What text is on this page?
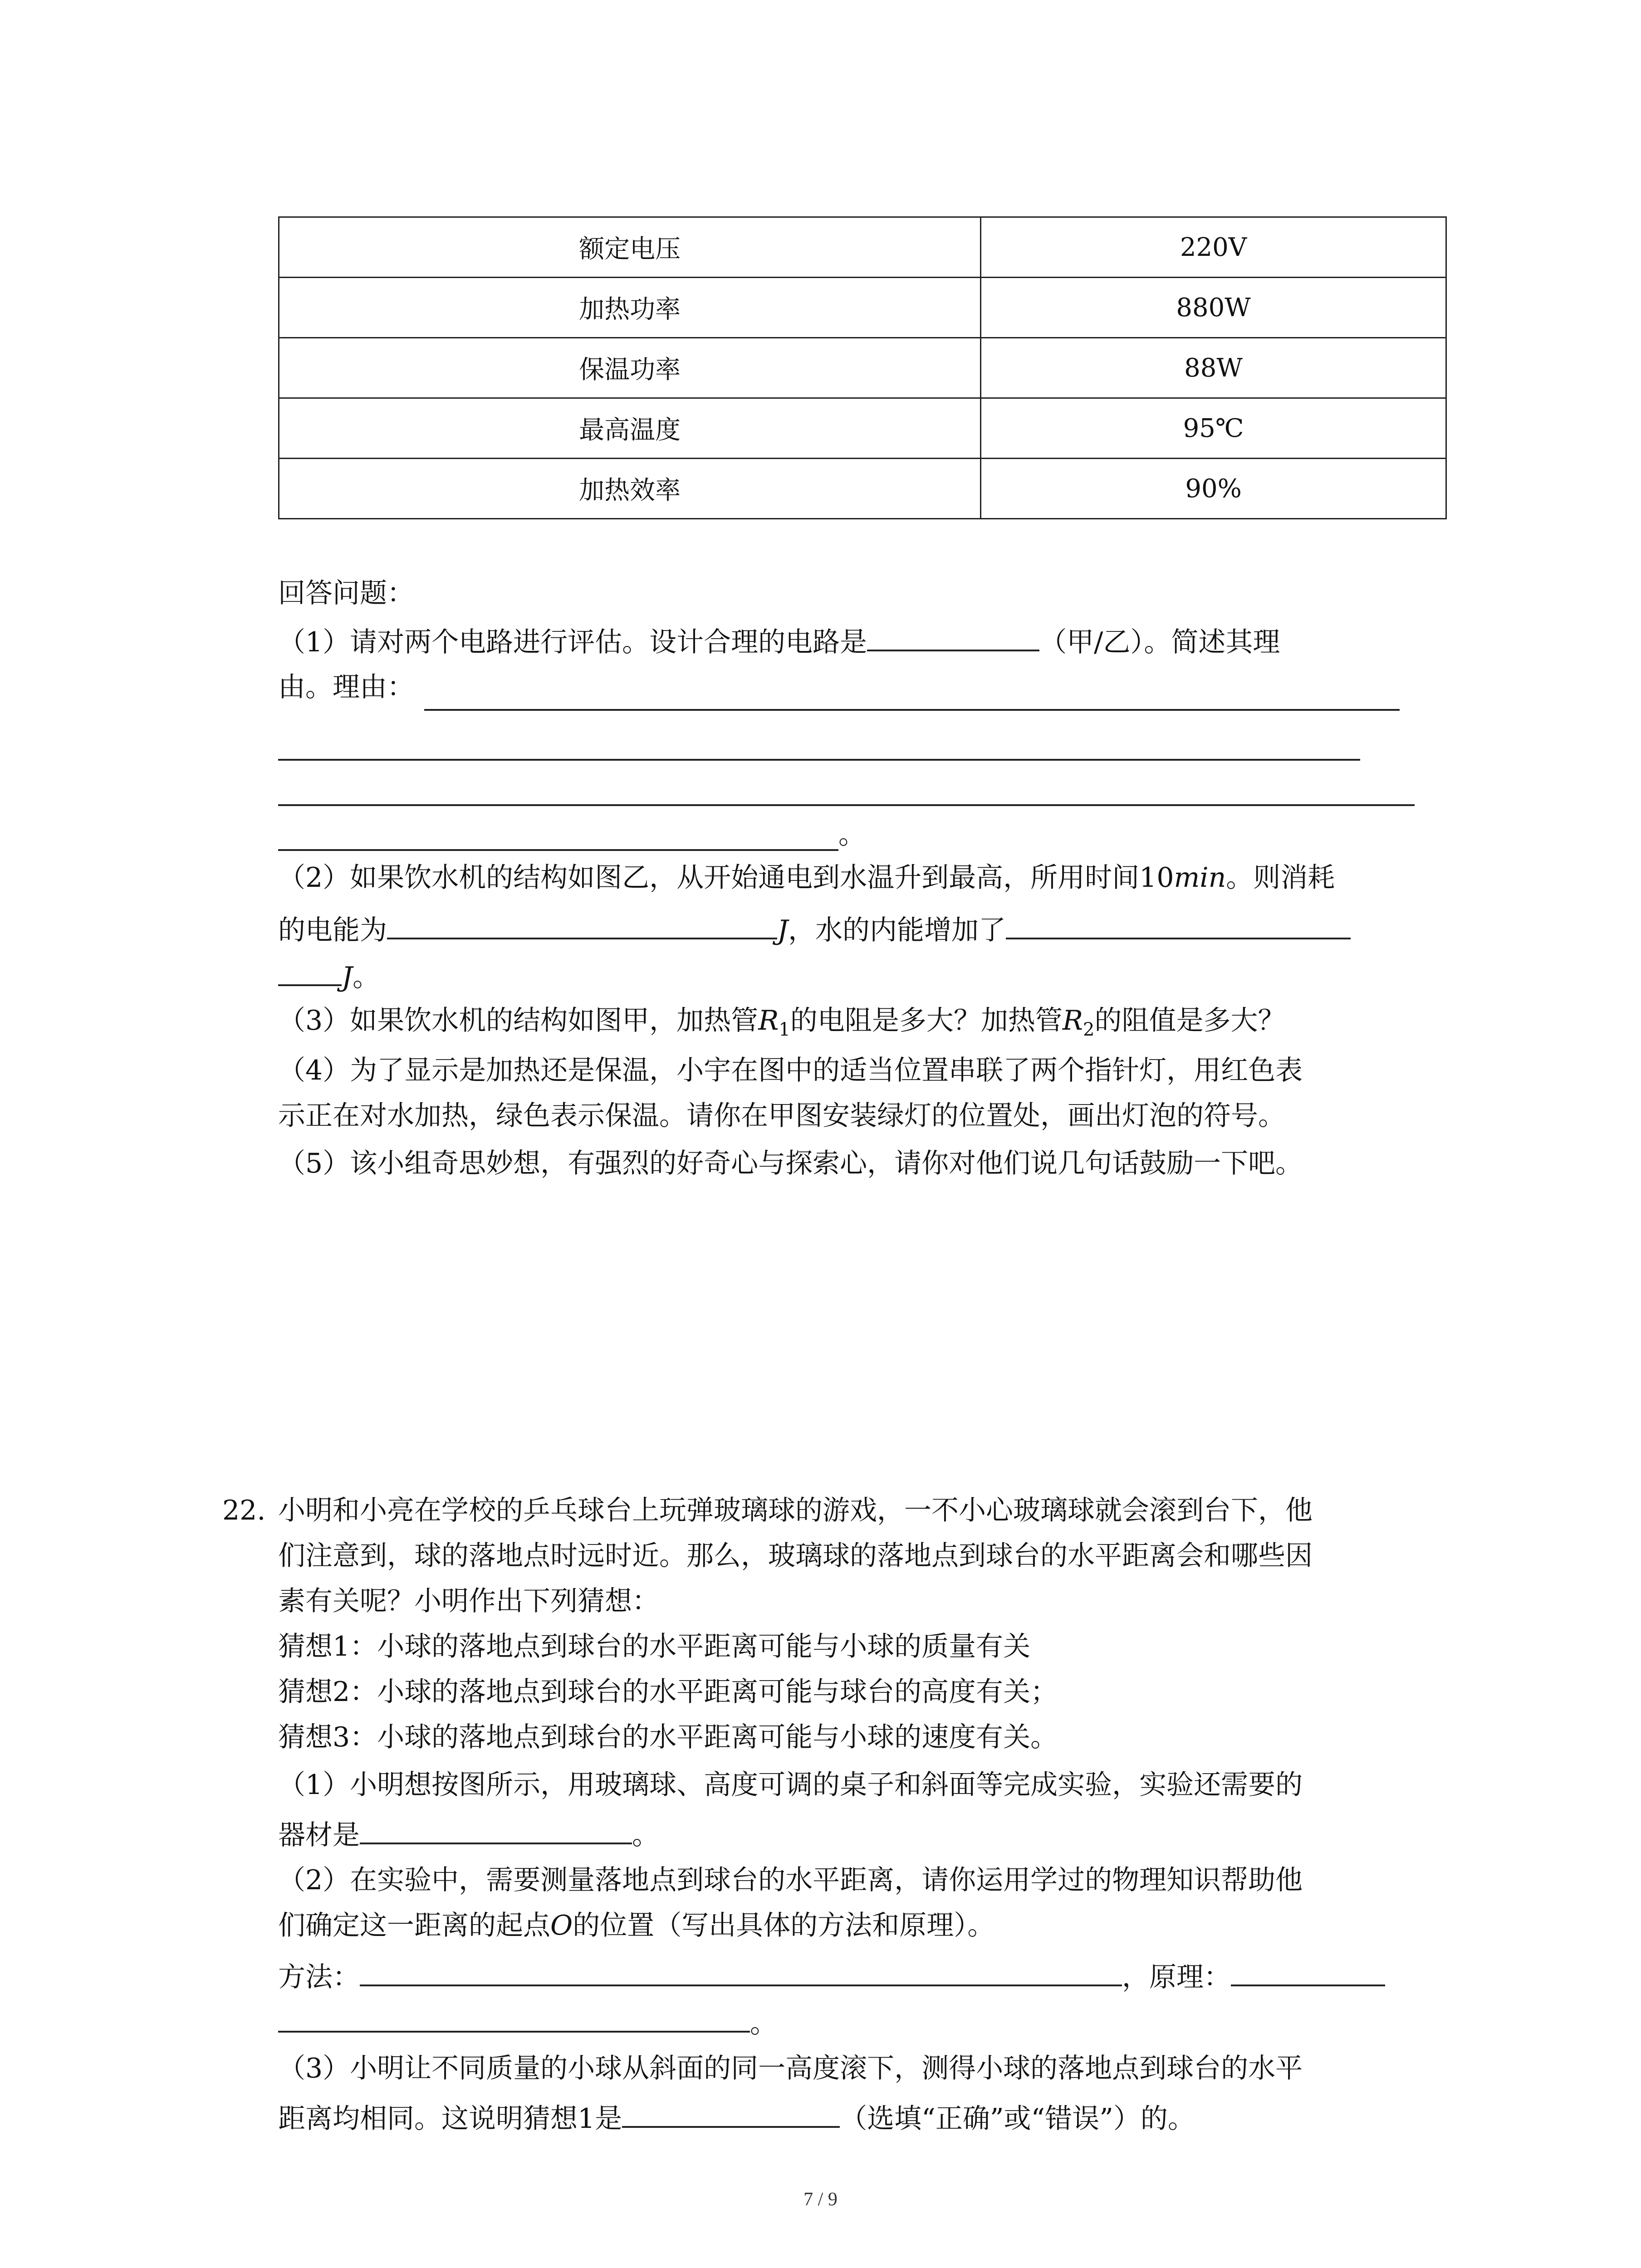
额定电压	220V
加热功率	880W
保温功率	88W
最高温度	95℃
加热效率	90%
回答问题：
（1）请对两个电路进行评估。设计合理的电路是	（甲/乙）。简述其理
由。理由：
。
（2）如果饮水机的结构如图乙，从开始通电到水温升到最高，所用时间10min。则消耗
的电能为	J，水的内能增加了
J。
（3）如果饮水机的结构如图甲，加热管$R_1$的电阻是多大？加热管$R_2$的阻值是多大？
（4）为了显示是加热还是保温，小宇在图中的适当位置串联了两个指针灯，用红色表
示正在对水加热，绿色表示保温。请你在甲图安装绿灯的位置处，画出灯泡的符号。
（5）该小组奇思妙想，有强烈的好奇心与探索心，请你对他们说几句话鼓励一下吧。
22. 小明和小亮在学校的乒乓球台上玩弹玻璃球的游戏，一不小心玻璃球就会滚到台下，他
们注意到，球的落地点时远时近。那么，玻璃球的落地点到球台的水平距离会和哪些因
素有关呢？小明作出下列猜想：
猜想1：小球的落地点到球台的水平距离可能与小球的质量有关
猜想2：小球的落地点到球台的水平距离可能与球台的高度有关；
猜想3：小球的落地点到球台的水平距离可能与小球的速度有关。
（1）小明想按图所示，用玻璃球、高度可调的桌子和斜面等完成实验，实验还需要的
器材是	。
（2）在实验中，需要测量落地点到球台的水平距离，请你运用学过的物理知识帮助他
们确定这一距离的起点O的位置（写出具体的方法和原理）。
方法：	，原理：
。
（3）小明让不同质量的小球从斜面的同一高度滚下，测得小球的落地点到球台的水平
距离均相同。这说明猜想1是	（选填“正确”或“错误”）的。
7 / 9
